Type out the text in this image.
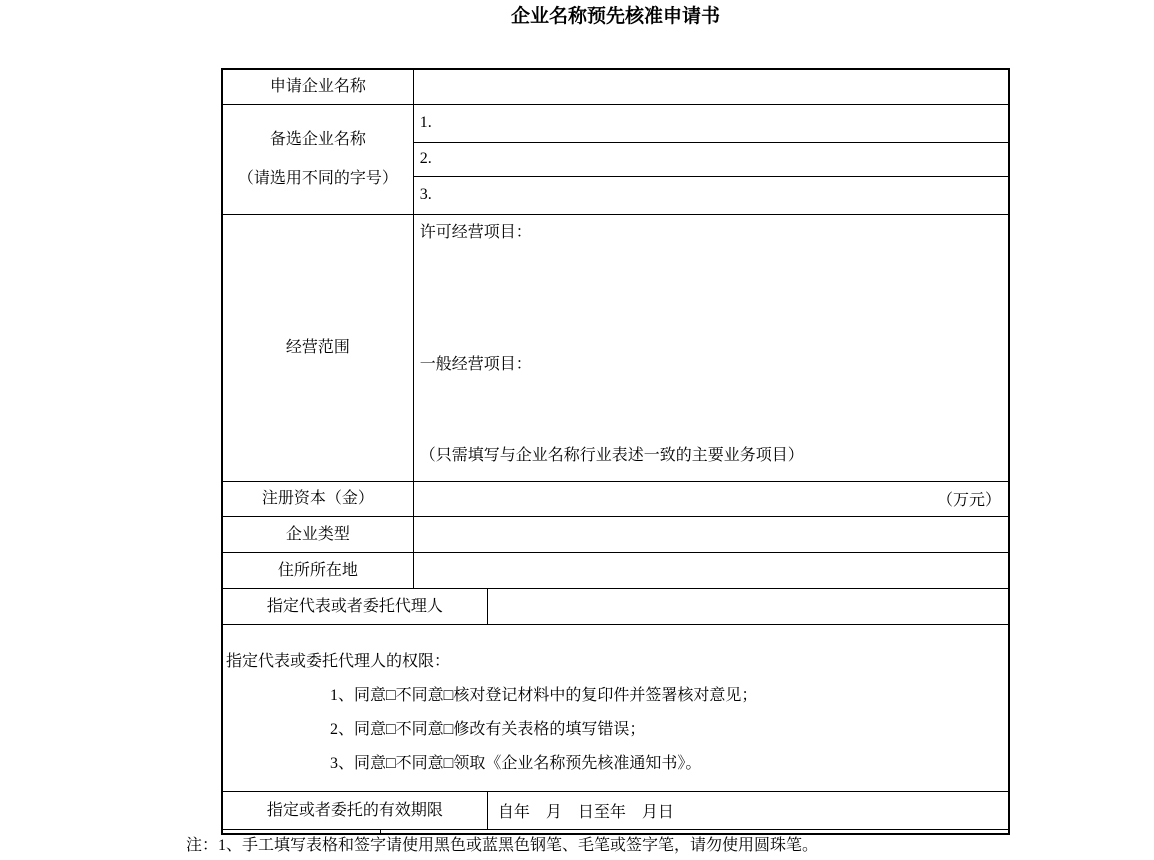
企业名称预先核准申请书
申请企业名称		

备选企业名称
（请选用不同的字号）	1.	
	2.	
	3.	
经营范围	许可经营项目：
一般经营项目：
（只需填写与企业名称行业表述一致的主要业务项目）	

注册资本（金）	（万元）	
企业类型		
住所所在地		
指定代表或者委托代理人		

指定代表或委托代理人的权限：
1、同意□不同意□核对登记材料中的复印件并签署核对意见；
2、同意□不同意□修改有关表格的填写错误；
3、同意□不同意□领取《企业名称预先核准通知书》。		

指定或者委托的有效期限		自年　月　日至年　月日

注：1、手工填写表格和签字请使用黑色或蓝黑色钢笔、毛笔或签字笔，请勿使用圆珠笔。
